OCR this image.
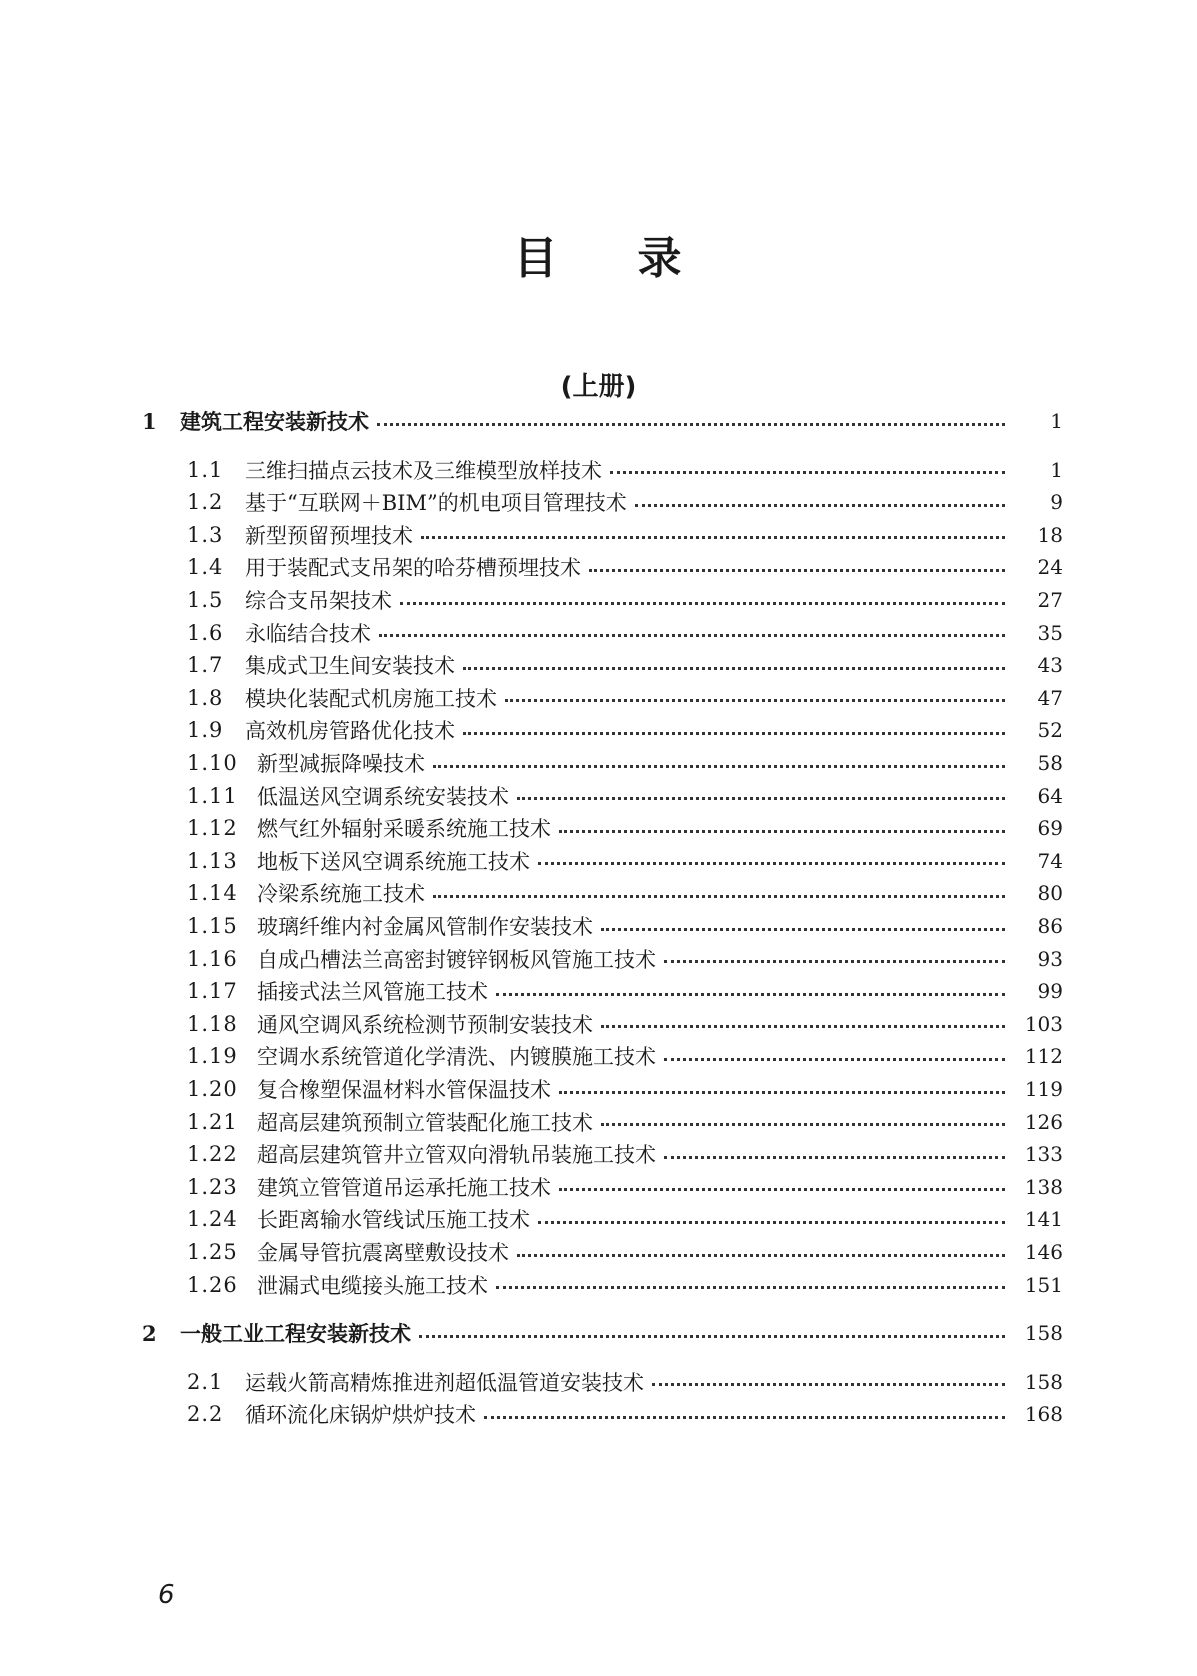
目 录
(上册)
1	建筑工程安装新技术	1
1.1	三维扫描点云技术及三维模型放样技术	1
1.2	基于“互联网＋BIM”的机电项目管理技术	9
1.3	新型预留预埋技术	18
1.4	用于装配式支吊架的哈芬槽预埋技术	24
1.5	综合支吊架技术	27
1.6	永临结合技术	35
1.7	集成式卫生间安装技术	43
1.8	模块化装配式机房施工技术	47
1.9	高效机房管路优化技术	52
1.10 新型减振降噪技术	58
1.11 低温送风空调系统安装技术	64
1.12 燃气红外辐射采暖系统施工技术	69
1.13 地板下送风空调系统施工技术	74
1.14 冷梁系统施工技术	80
1.15 玻璃纤维内衬金属风管制作安装技术	86
1.16 自成凸槽法兰高密封镀锌钢板风管施工技术	93
1.17 插接式法兰风管施工技术	99
1.18 通风空调风系统检测节预制安装技术	103
1.19 空调水系统管道化学清洗、内镀膜施工技术	112
1.20 复合橡塑保温材料水管保温技术	119
1.21 超高层建筑预制立管装配化施工技术	126
1.22 超高层建筑管井立管双向滑轨吊装施工技术	133
1.23 建筑立管管道吊运承托施工技术	138
1.24 长距离输水管线试压施工技术	141
1.25 金属导管抗震离壁敷设技术	146
1.26 泄漏式电缆接头施工技术	151
2	一般工业工程安装新技术	158
2.1	运载火箭高精炼推进剂超低温管道安装技术	158
2.2	循环流化床锅炉烘炉技术	168
6
